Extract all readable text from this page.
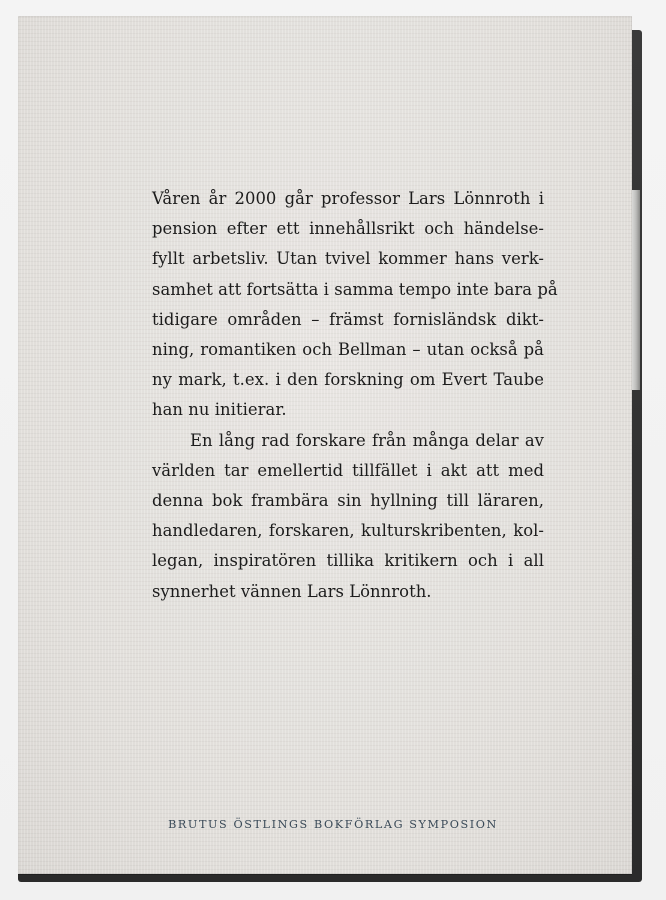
Våren år 2000 går professor Lars Lönnroth i
pension efter ett innehållsrikt och händelse-
fyllt arbetsliv. Utan tvivel kommer hans verk-
samhet att fortsätta i samma tempo inte bara på
tidigare områden – främst fornisländsk dikt-
ning, romantiken och Bellman – utan också på
ny mark, t.ex. i den forskning om Evert Taube
han nu initierar.
En lång rad forskare från många delar av
världen tar emellertid tillfället i akt att med
denna bok frambära sin hyllning till läraren,
handledaren, forskaren, kulturskribenten, kol-
legan, inspiratören tillika kritikern och i all
synnerhet vännen Lars Lönnroth.
BRUTUS ÖSTLINGS BOKFÖRLAG SYMPOSION
